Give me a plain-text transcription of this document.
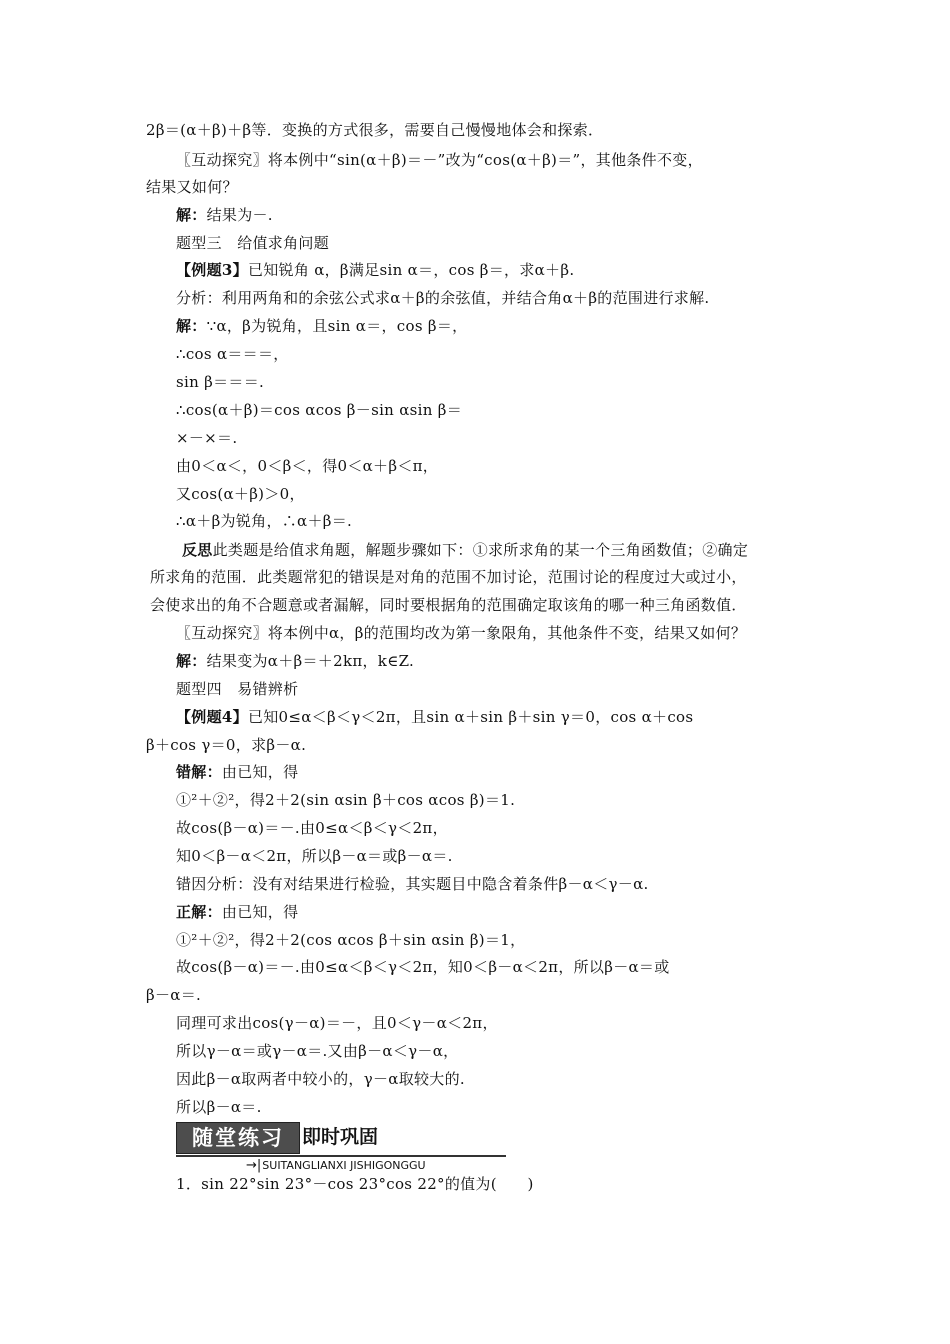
2β＝(α＋β)＋β等．变换的方式很多，需要自己慢慢地体会和探索．
〖互动探究〗将本例中“sin(α＋β)＝－”改为“cos(α＋β)＝”，其他条件不变，
结果又如何？
解：结果为－.
题型三　给值求角问题
【例题3】已知锐角 α，β满足sin α＝，cos β＝，求α＋β.
分析：利用两角和的余弦公式求α＋β的余弦值，并结合角α＋β的范围进行求解.
解：∵α，β为锐角，且sin α＝，cos β＝，
∴cos α＝＝＝，
sin β＝＝＝.
∴cos(α＋β)＝cos αcos β－sin αsin β＝
×－×＝.
由0＜α＜，0＜β＜，得0＜α＋β＜π，
又cos(α＋β)＞0，
∴α＋β为锐角，∴α＋β＝.
反思此类题是给值求角题，解题步骤如下：①求所求角的某一个三角函数值；②确定
所求角的范围．此类题常犯的错误是对角的范围不加讨论，范围讨论的程度过大或过小，
会使求出的角不合题意或者漏解，同时要根据角的范围确定取该角的哪一种三角函数值．
〖互动探究〗将本例中α，β的范围均改为第一象限角，其他条件不变，结果又如何？
解：结果变为α＋β＝＋2kπ，k∈Z.
题型四　易错辨析
【例题4】已知0≤α＜β＜γ＜2π，且sin α＋sin β＋sin γ＝0，cos α＋cos
β＋cos γ＝0，求β－α.
错解：由已知，得
①²＋②²，得2＋2(sin αsin β＋cos αcos β)＝1.
故cos(β－α)＝－.由0≤α＜β＜γ＜2π，
知0＜β－α＜2π，所以β－α＝或β－α＝.
错因分析：没有对结果进行检验，其实题目中隐含着条件β－α＜γ－α.
正解：由已知，得
①²＋②²，得2＋2(cos αcos β＋sin αsin β)＝1，
故cos(β－α)＝－.由0≤α＜β＜γ＜2π，知0＜β－α＜2π，所以β－α＝或
β－α＝.
同理可求出cos(γ－α)＝－，且0＜γ－α＜2π，
所以γ－α＝或γ－α＝.又由β－α＜γ－α，
因此β－α取两者中较小的，γ－α取较大的.
所以β－α＝.
随堂练习 即时巩固
→|SUITANGLIANXI JISHIGONGGU
1．sin 22°sin 23°－cos 23°cos 22°的值为(　　)
